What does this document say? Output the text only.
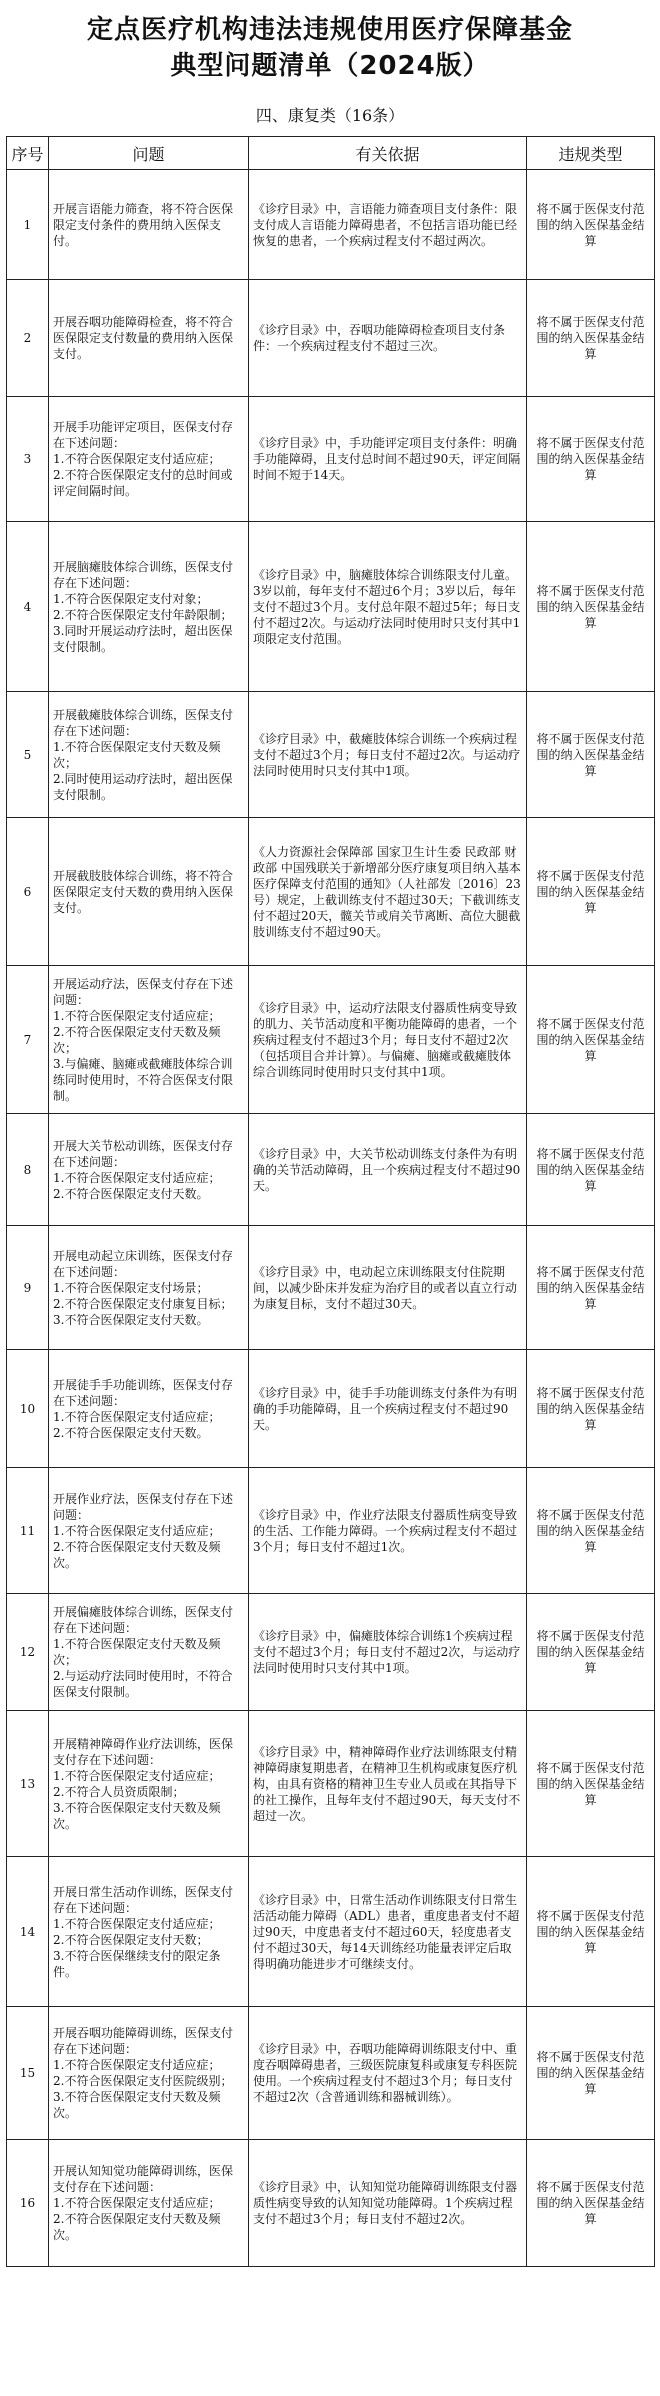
定点医疗机构违法违规使用医疗保障基金
典型问题清单（2024版）
四、康复类（16条）
序号	问题	有关依据	违规类型
1	开展言语能力筛查，将不符合医保限定支付条件的费用纳入医保支付。	《诊疗目录》中，言语能力筛查项目支付条件：限支付成人言语能力障碍患者，不包括言语功能已经恢复的患者，一个疾病过程支付不超过两次。	将不属于医保支付范围的纳入医保基金结算
2	开展吞咽功能障碍检查，将不符合医保限定支付数量的费用纳入医保支付。	《诊疗目录》中，吞咽功能障碍检查项目支付条件：一个疾病过程支付不超过三次。	将不属于医保支付范围的纳入医保基金结算
3	开展手功能评定项目，医保支付存在下述问题：
1.不符合医保限定支付适应症；
2.不符合医保限定支付的总时间或评定间隔时间。	《诊疗目录》中，手功能评定项目支付条件：明确手功能障碍，且支付总时间不超过90天，评定间隔时间不短于14天。	将不属于医保支付范围的纳入医保基金结算
4	开展脑瘫肢体综合训练，医保支付存在下述问题：
1.不符合医保限定支付对象；
2.不符合医保限定支付年龄限制；
3.同时开展运动疗法时，超出医保支付限制。	《诊疗目录》中，脑瘫肢体综合训练限支付儿童。3岁以前，每年支付不超过6个月；3岁以后，每年支付不超过3个月。支付总年限不超过5年；每日支付不超过2次。与运动疗法同时使用时只支付其中1项限定支付范围。	将不属于医保支付范围的纳入医保基金结算
5	开展截瘫肢体综合训练，医保支付存在下述问题：
1.不符合医保限定支付天数及频次；
2.同时使用运动疗法时，超出医保支付限制。	《诊疗目录》中，截瘫肢体综合训练一个疾病过程支付不超过3个月；每日支付不超过2次。与运动疗法同时使用时只支付其中1项。	将不属于医保支付范围的纳入医保基金结算
6	开展截肢肢体综合训练，将不符合医保限定支付天数的费用纳入医保支付。	《人力资源社会保障部 国家卫生计生委 民政部 财政部 中国残联关于新增部分医疗康复项目纳入基本医疗保障支付范围的通知》（人社部发〔2016〕23号）规定，上截训练支付不超过30天；下截训练支付不超过20天，髋关节或肩关节离断、高位大腿截肢训练支付不超过90天。	将不属于医保支付范围的纳入医保基金结算
7	开展运动疗法，医保支付存在下述问题：
1.不符合医保限定支付适应症；
2.不符合医保限定支付天数及频次；
3.与偏瘫、脑瘫或截瘫肢体综合训练同时使用时，不符合医保支付限制。	《诊疗目录》中，运动疗法限支付器质性病变导致的肌力、关节活动度和平衡功能障碍的患者，一个疾病过程支付不超过3个月；每日支付不超过2次（包括项目合并计算）。与偏瘫、脑瘫或截瘫肢体综合训练同时使用时只支付其中1项。	将不属于医保支付范围的纳入医保基金结算
8	开展大关节松动训练，医保支付存在下述问题：
1.不符合医保限定支付适应症；
2.不符合医保限定支付天数。	《诊疗目录》中，大关节松动训练支付条件为有明确的关节活动障碍，且一个疾病过程支付不超过90天。	将不属于医保支付范围的纳入医保基金结算
9	开展电动起立床训练，医保支付存在下述问题：
1.不符合医保限定支付场景；
2.不符合医保限定支付康复目标；
3.不符合医保限定支付天数。	《诊疗目录》中，电动起立床训练限支付住院期间，以减少卧床并发症为治疗目的或者以直立行动为康复目标，支付不超过30天。	将不属于医保支付范围的纳入医保基金结算
10	开展徒手手功能训练，医保支付存在下述问题：
1.不符合医保限定支付适应症；
2.不符合医保限定支付天数。	《诊疗目录》中，徒手手功能训练支付条件为有明确的手功能障碍，且一个疾病过程支付不超过90天。	将不属于医保支付范围的纳入医保基金结算
11	开展作业疗法，医保支付存在下述问题：
1.不符合医保限定支付适应症；
2.不符合医保限定支付天数及频次。	《诊疗目录》中，作业疗法限支付器质性病变导致的生活、工作能力障碍。一个疾病过程支付不超过3个月；每日支付不超过1次。	将不属于医保支付范围的纳入医保基金结算
12	开展偏瘫肢体综合训练，医保支付存在下述问题：
1.不符合医保限定支付天数及频次；
2.与运动疗法同时使用时，不符合医保支付限制。	《诊疗目录》中，偏瘫肢体综合训练1个疾病过程支付不超过3个月；每日支付不超过2次，与运动疗法同时使用时只支付其中1项。	将不属于医保支付范围的纳入医保基金结算
13	开展精神障碍作业疗法训练，医保支付存在下述问题：
1.不符合医保限定支付适应症；
2.不符合人员资质限制；
3.不符合医保限定支付天数及频次。	《诊疗目录》中，精神障碍作业疗法训练限支付精神障碍康复期患者，在精神卫生机构或康复医疗机构，由具有资格的精神卫生专业人员或在其指导下的社工操作，且每年支付不超过90天，每天支付不超过一次。	将不属于医保支付范围的纳入医保基金结算
14	开展日常生活动作训练，医保支付存在下述问题：
1.不符合医保限定支付适应症；
2.不符合医保限定支付天数；
3.不符合医保继续支付的限定条件。	《诊疗目录》中，日常生活动作训练限支付日常生活活动能力障碍（ADL）患者，重度患者支付不超过90天，中度患者支付不超过60天，轻度患者支付不超过30天，每14天训练经功能量表评定后取得明确功能进步才可继续支付。	将不属于医保支付范围的纳入医保基金结算
15	开展吞咽功能障碍训练，医保支付存在下述问题：
1.不符合医保限定支付适应症；
2.不符合医保限定支付医院级别；
3.不符合医保限定支付天数及频次。	《诊疗目录》中，吞咽功能障碍训练限支付中、重度吞咽障碍患者，三级医院康复科或康复专科医院使用。一个疾病过程支付不超过3个月；每日支付不超过2次（含普通训练和器械训练）。	将不属于医保支付范围的纳入医保基金结算
16	开展认知知觉功能障碍训练，医保支付存在下述问题：
1.不符合医保限定支付适应症；
2.不符合医保限定支付天数及频次。	《诊疗目录》中，认知知觉功能障碍训练限支付器质性病变导致的认知知觉功能障碍。1个疾病过程支付不超过3个月；每日支付不超过2次。	将不属于医保支付范围的纳入医保基金结算
